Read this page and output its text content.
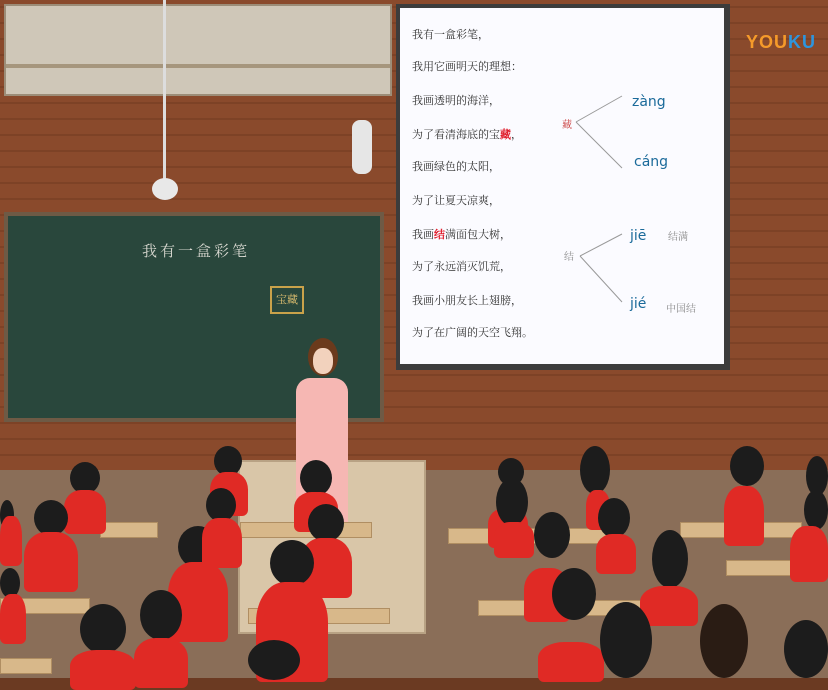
我有一盒彩笔
宝藏
我有一盒彩笔，
我用它画明天的理想：
我画透明的海洋，
为了看清海底的宝藏，
我画绿色的太阳，
为了让夏天凉爽，
我画结满面包大树，
为了永远消灭饥荒，
我画小朋友长上翅膀，
为了在广阔的天空飞翔。
藏
结
zàng
cáng
jiē 结满
jié 中国结
YOUKU
